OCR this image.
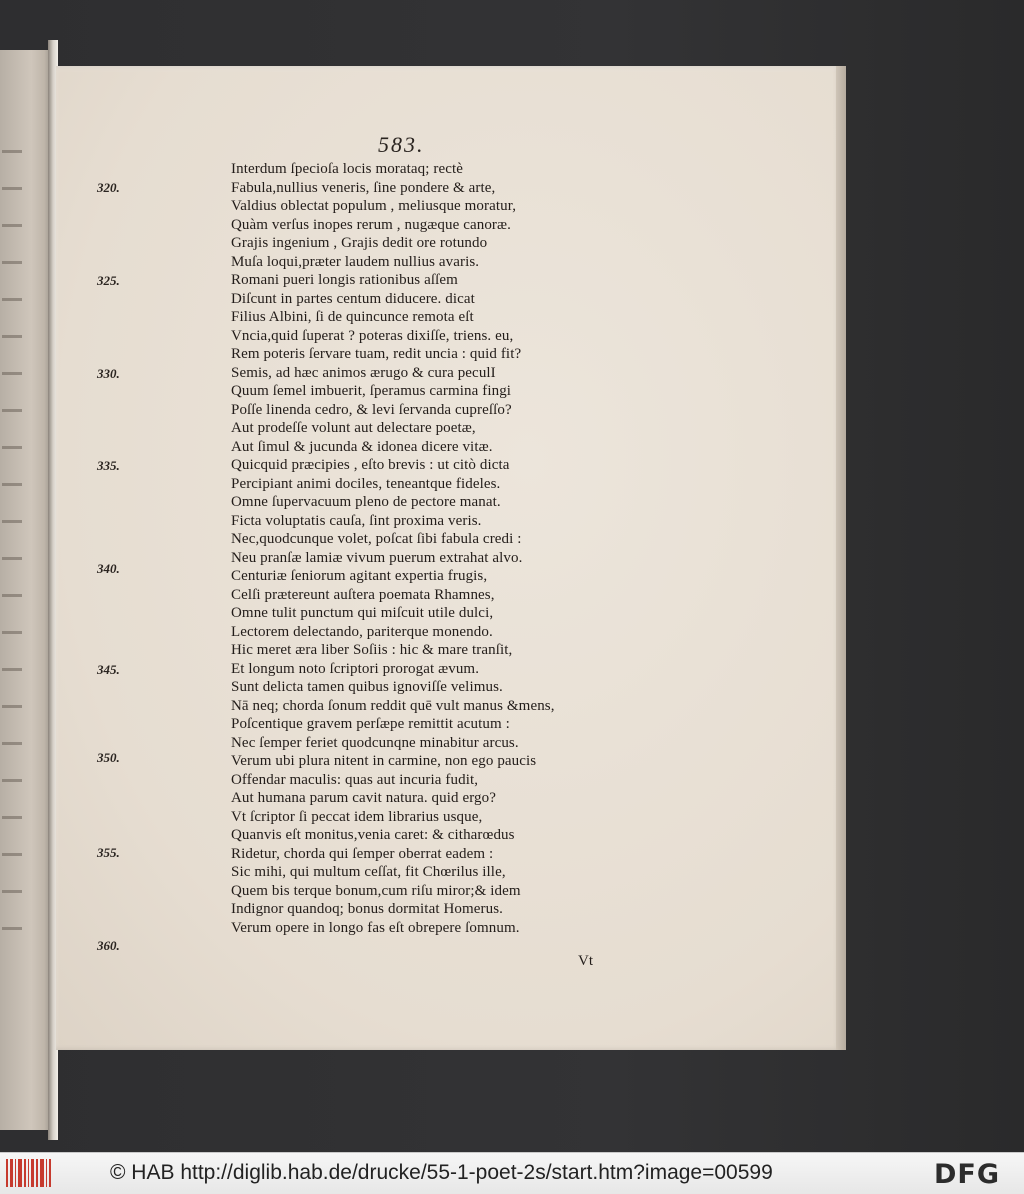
583.
320.
325.
330.
335.
340.
345.
350.
355.
360.
Interdum ſpecioſa locis morataq; rectè
Fabula,nullius veneris, ſine pondere & arte,
Valdius oblectat populum , meliusque moratur,
Quàm verſus inopes rerum , nugæque canoræ.
Grajis ingenium , Grajis dedit ore rotundo
Muſa loqui,præter laudem nullius avaris.
Romani pueri longis rationibus aſſem
Diſcunt in partes centum diducere. dicat
Filius Albini, ſi de quincunce remota eſt
Vncia,quid ſuperat ? poteras dixiſſe, triens. eu,
Rem poteris ſervare tuam, redit uncia : quid fit?
Semis, ad hæc animos ærugo & cura peculI
Quum ſemel imbuerit, ſperamus carmina fingi
Poſſe linenda cedro, & levi ſervanda cupreſſo?
Aut prodeſſe volunt aut delectare poetæ,
Aut ſimul & jucunda & idonea dicere vitæ.
Quicquid præcipies , eſto brevis : ut citò dicta
Percipiant animi dociles, teneantque fideles.
Omne ſupervacuum pleno de pectore manat.
Ficta voluptatis cauſa, ſint proxima veris.
Nec,quodcunque volet, poſcat ſibi fabula credi :
Neu pranſæ lamiæ vivum puerum extrahat alvo.
Centuriæ ſeniorum agitant expertia frugis,
Celſi prætereunt auſtera poemata Rhamnes,
Omne tulit punctum qui miſcuit utile dulci,
Lectorem delectando, pariterque monendo.
Hic meret æra liber Soſiis : hic & mare tranſit,
Et longum noto ſcriptori prorogat ævum.
Sunt delicta tamen quibus ignoviſſe velimus.
Nā neq; chorda ſonum reddit quē vult manus &mens,
Poſcentique gravem perſæpe remittit acutum :
Nec ſemper feriet quodcunqne minabitur arcus.
Verum ubi plura nitent in carmine, non ego paucis
Offendar maculis: quas aut incuria fudit,
Aut humana parum cavit natura. quid ergo?
Vt ſcriptor ſi peccat idem librarius usque,
Quanvis eſt monitus,venia caret: & citharœdus
Ridetur, chorda qui ſemper oberrat eadem :
Sic mihi, qui multum ceſſat, fit Chœrilus ille,
Quem bis terque bonum,cum riſu miror;& idem
Indignor quandoq; bonus dormitat Homerus.
Verum opere in longo fas eſt obrepere ſomnum.
Vt
© HAB http://diglib.hab.de/drucke/55-1-poet-2s/start.htm?image=00599	DFG
